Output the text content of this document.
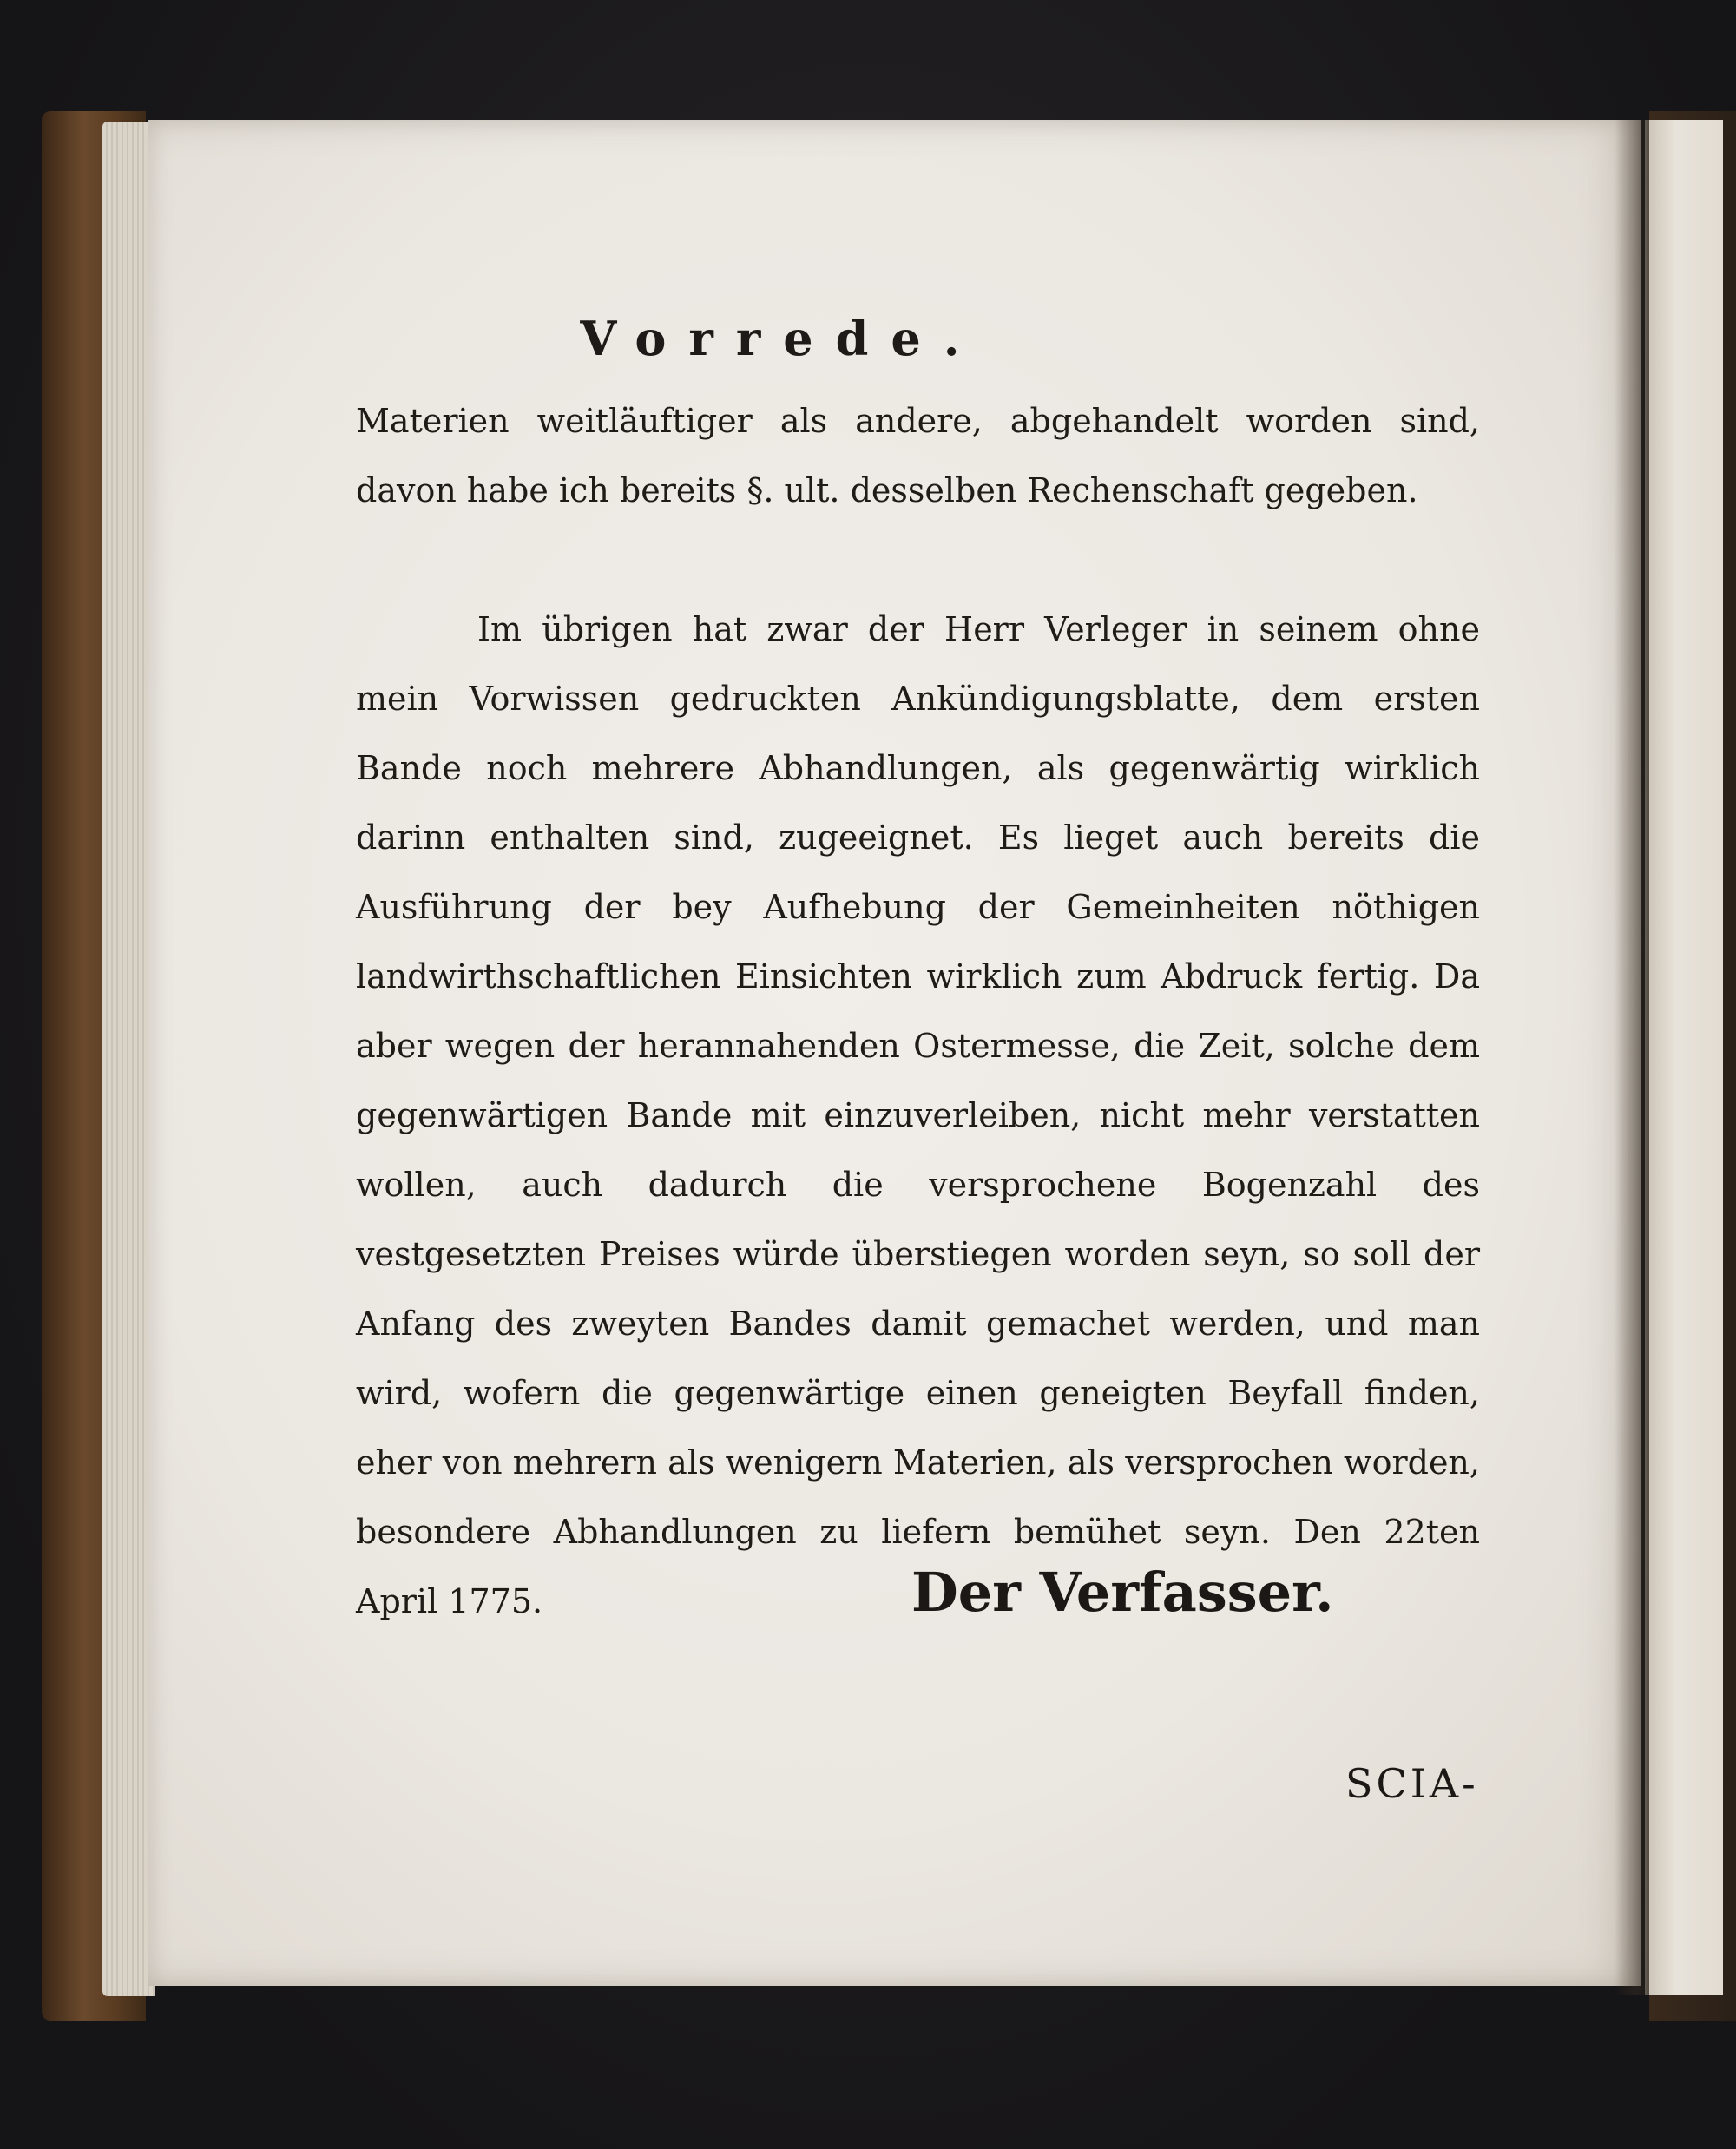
Vorrede.

Materien weitläuftiger als andere, abgehandelt worden sind, davon habe ich bereits §. ult. desselben Rechenschaft gegeben.

Im übrigen hat zwar der Herr Verleger in seinem ohne mein Vorwissen gedruckten Ankündigungsblatte, dem ersten Bande noch mehrere Abhandlungen, als gegenwärtig wirklich darinn enthalten sind, zugeeignet. Es lieget auch bereits die Ausführung der bey Aufhebung der Gemeinheiten nöthigen landwirthschaftlichen Einsichten wirklich zum Abdruck fertig. Da aber wegen der herannahenden Ostermesse, die Zeit, solche dem gegenwärtigen Bande mit einzuverleiben, nicht mehr verstatten wollen, auch dadurch die versprochene Bogenzahl des vestgesetzten Preises würde überstiegen worden seyn, so soll der Anfang des zweyten Bandes damit gemachet werden, und man wird, wofern die gegenwärtige einen geneigten Beyfall finden, eher von mehrern als wenigern Materien, als versprochen worden, besondere Abhandlungen zu liefern bemühet seyn. Den 22ten April 1775.	Der Verfasser.
SCIA-
